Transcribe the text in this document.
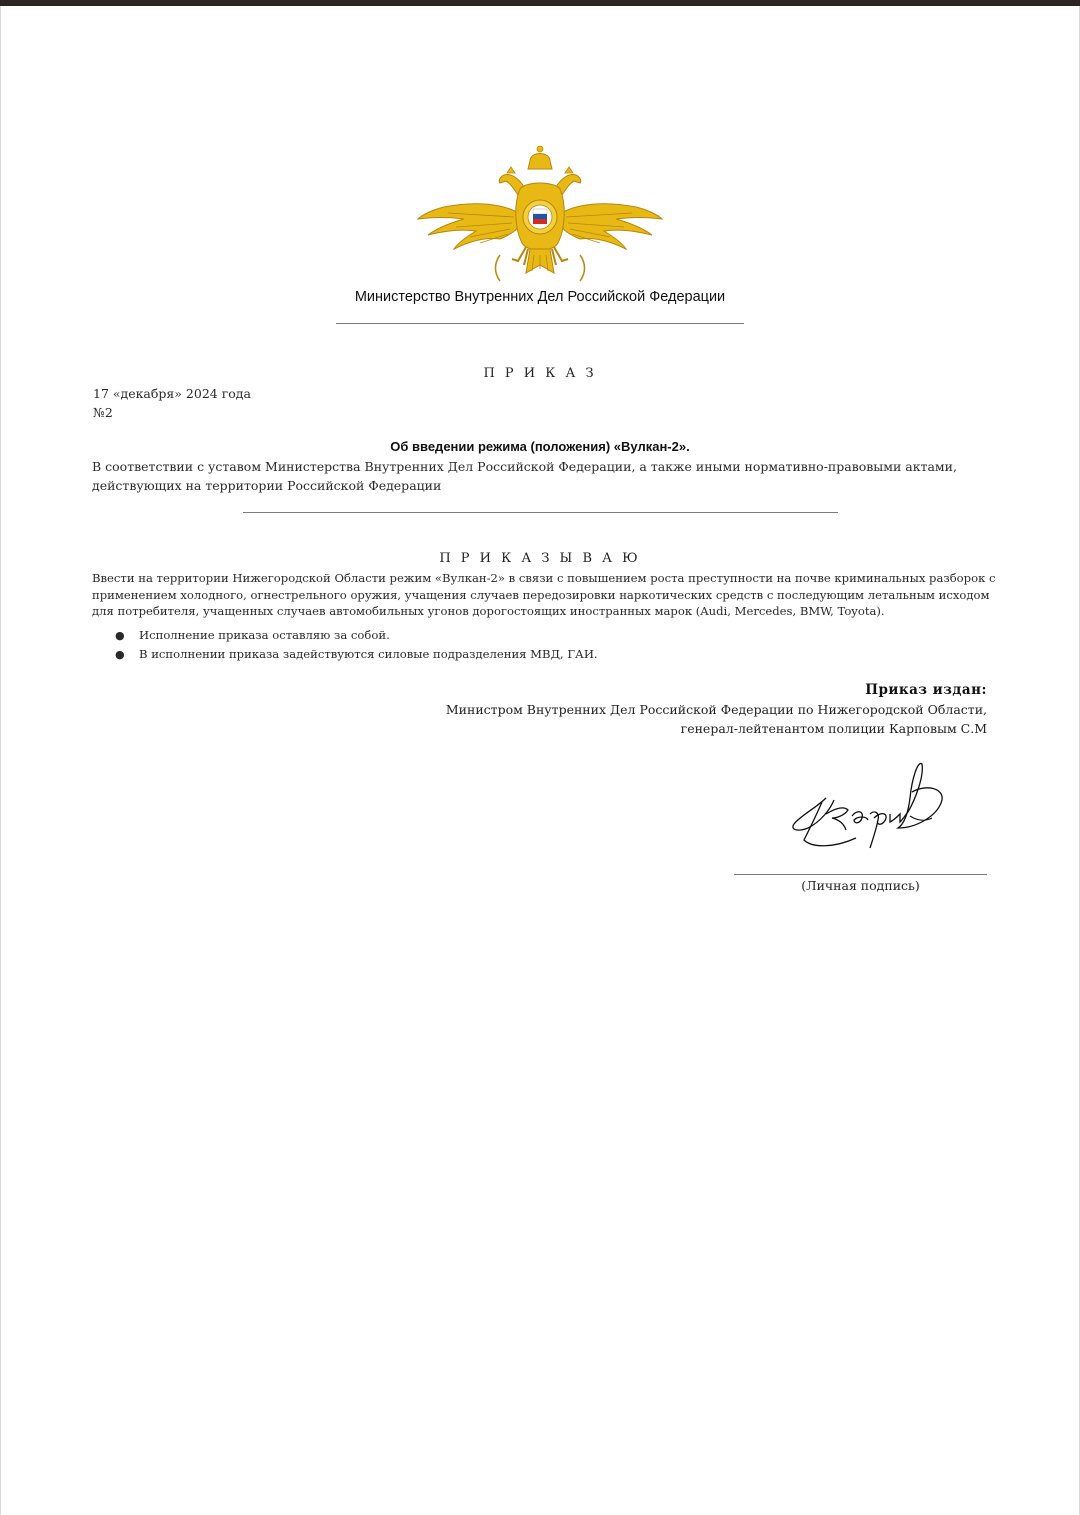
Министерство Внутренних Дел Российской Федерации
П Р И К А З
17 «декабря» 2024 года
№2
Об введении режима (положения) «Вулкан-2».
В соответствии с уставом Министерства Внутренних Дел Российской Федерации, а также иными нормативно-правовыми актами, действующих на территории Российской Федерации
П Р И К А З Ы В А Ю
Ввести на территории Нижегородской Области режим «Вулкан-2» в связи с повышением роста преступности на почве криминальных разборок с применением холодного, огнестрельного оружия, учащения случаев передозировки наркотических средств с последующим летальным исходом для потребителя, учащенных случаев автомобильных угонов дорогостоящих иностранных марок (Audi, Mercedes, BMW, Toyota).
● Исполнение приказа оставляю за собой.
● В исполнении приказа задействуются силовые подразделения МВД, ГАИ.
Приказ издан:
Министром Внутренних Дел Российской Федерации по Нижегородской Области,
генерал-лейтенантом полиции Карповым С.М
(Личная подпись)
